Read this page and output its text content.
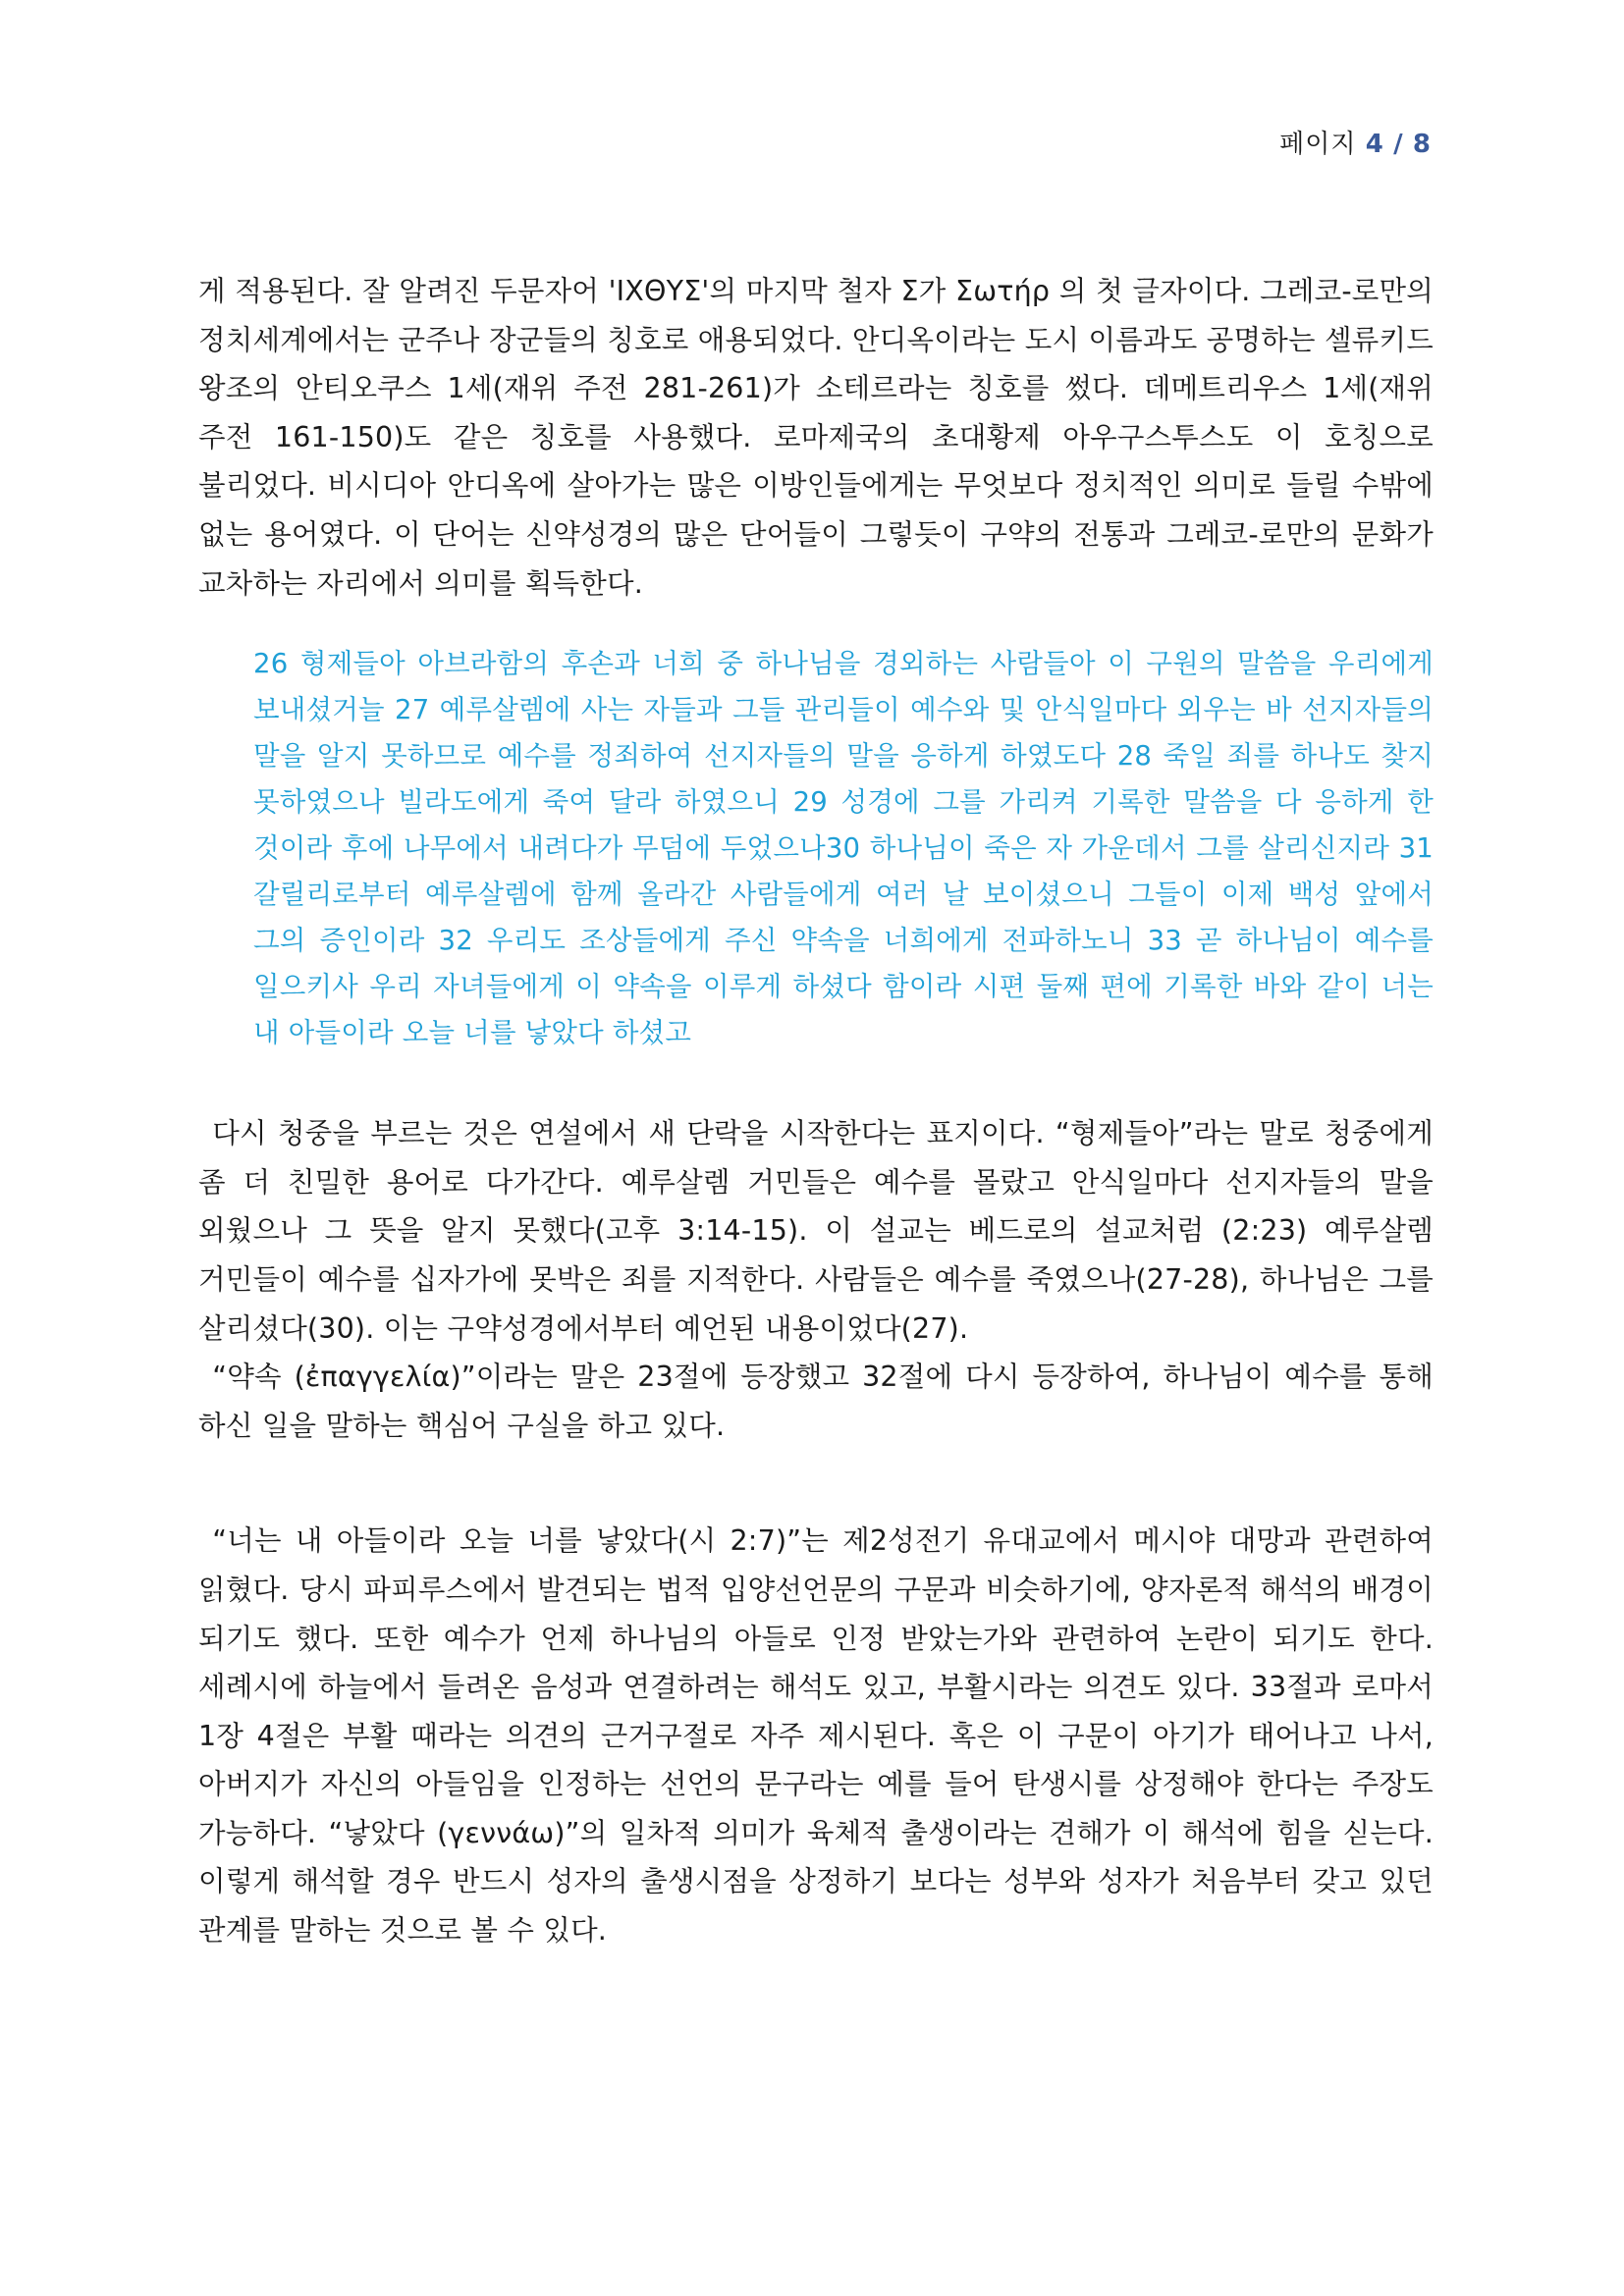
페이지 4 / 8

게 적용된다. 잘 알려진 두문자어 'ΙΧΘΥΣ'의 마지막 철자 Σ가 Σωτήρ 의 첫 글자이다. 그레코-로만의 정치세계에서는 군주나 장군들의 칭호로 애용되었다. 안디옥이라는 도시 이름과도 공명하는 셀류키드 왕조의 안티오쿠스 1세(재위 주전 281-261)가 소테르라는 칭호를 썼다. 데메트리우스 1세(재위 주전 161-150)도 같은 칭호를 사용했다. 로마제국의 초대황제 아우구스투스도 이 호칭으로 불리었다. 비시디아 안디옥에 살아가는 많은 이방인들에게는 무엇보다 정치적인 의미로 들릴 수밖에 없는 용어였다. 이 단어는 신약성경의 많은 단어들이 그렇듯이 구약의 전통과 그레코-로만의 문화가 교차하는 자리에서 의미를 획득한다.

26 형제들아 아브라함의 후손과 너희 중 하나님을 경외하는 사람들아 이 구원의 말씀을 우리에게 보내셨거늘 27 예루살렘에 사는 자들과 그들 관리들이 예수와 및 안식일마다 외우는 바 선지자들의 말을 알지 못하므로 예수를 정죄하여 선지자들의 말을 응하게 하였도다 28 죽일 죄를 하나도 찾지 못하였으나 빌라도에게 죽여 달라 하였으니 29 성경에 그를 가리켜 기록한 말씀을 다 응하게 한 것이라 후에 나무에서 내려다가 무덤에 두었으나30 하나님이 죽은 자 가운데서 그를 살리신지라 31 갈릴리로부터 예루살렘에 함께 올라간 사람들에게 여러 날 보이셨으니 그들이 이제 백성 앞에서 그의 증인이라 32 우리도 조상들에게 주신 약속을 너희에게 전파하노니 33 곧 하나님이 예수를 일으키사 우리 자녀들에게 이 약속을 이루게 하셨다 함이라 시편 둘째 편에 기록한 바와 같이 너는 내 아들이라 오늘 너를 낳았다 하셨고

다시 청중을 부르는 것은 연설에서 새 단락을 시작한다는 표지이다. “형제들아”라는 말로 청중에게 좀 더 친밀한 용어로 다가간다. 예루살렘 거민들은 예수를 몰랐고 안식일마다 선지자들의 말을 외웠으나 그 뜻을 알지 못했다(고후 3:14-15). 이 설교는 베드로의 설교처럼 (2:23) 예루살렘 거민들이 예수를 십자가에 못박은 죄를 지적한다. 사람들은 예수를 죽였으나(27-28), 하나님은 그를 살리셨다(30). 이는 구약성경에서부터 예언된 내용이었다(27).

“약속 (ἐπαγγελία)”이라는 말은 23절에 등장했고 32절에 다시 등장하여, 하나님이 예수를 통해 하신 일을 말하는 핵심어 구실을 하고 있다.

“너는 내 아들이라 오늘 너를 낳았다(시 2:7)”는 제2성전기 유대교에서 메시야 대망과 관련하여 읽혔다. 당시 파피루스에서 발견되는 법적 입양선언문의 구문과 비슷하기에, 양자론적 해석의 배경이 되기도 했다. 또한 예수가 언제 하나님의 아들로 인정 받았는가와 관련하여 논란이 되기도 한다. 세례시에 하늘에서 들려온 음성과 연결하려는 해석도 있고, 부활시라는 의견도 있다. 33절과 로마서 1장 4절은 부활 때라는 의견의 근거구절로 자주 제시된다. 혹은 이 구문이 아기가 태어나고 나서, 아버지가 자신의 아들임을 인정하는 선언의 문구라는 예를 들어 탄생시를 상정해야 한다는 주장도 가능하다. “낳았다 (γεννάω)”의 일차적 의미가 육체적 출생이라는 견해가 이 해석에 힘을 싣는다. 이렇게 해석할 경우 반드시 성자의 출생시점을 상정하기 보다는 성부와 성자가 처음부터 갖고 있던 관계를 말하는 것으로 볼 수 있다.
